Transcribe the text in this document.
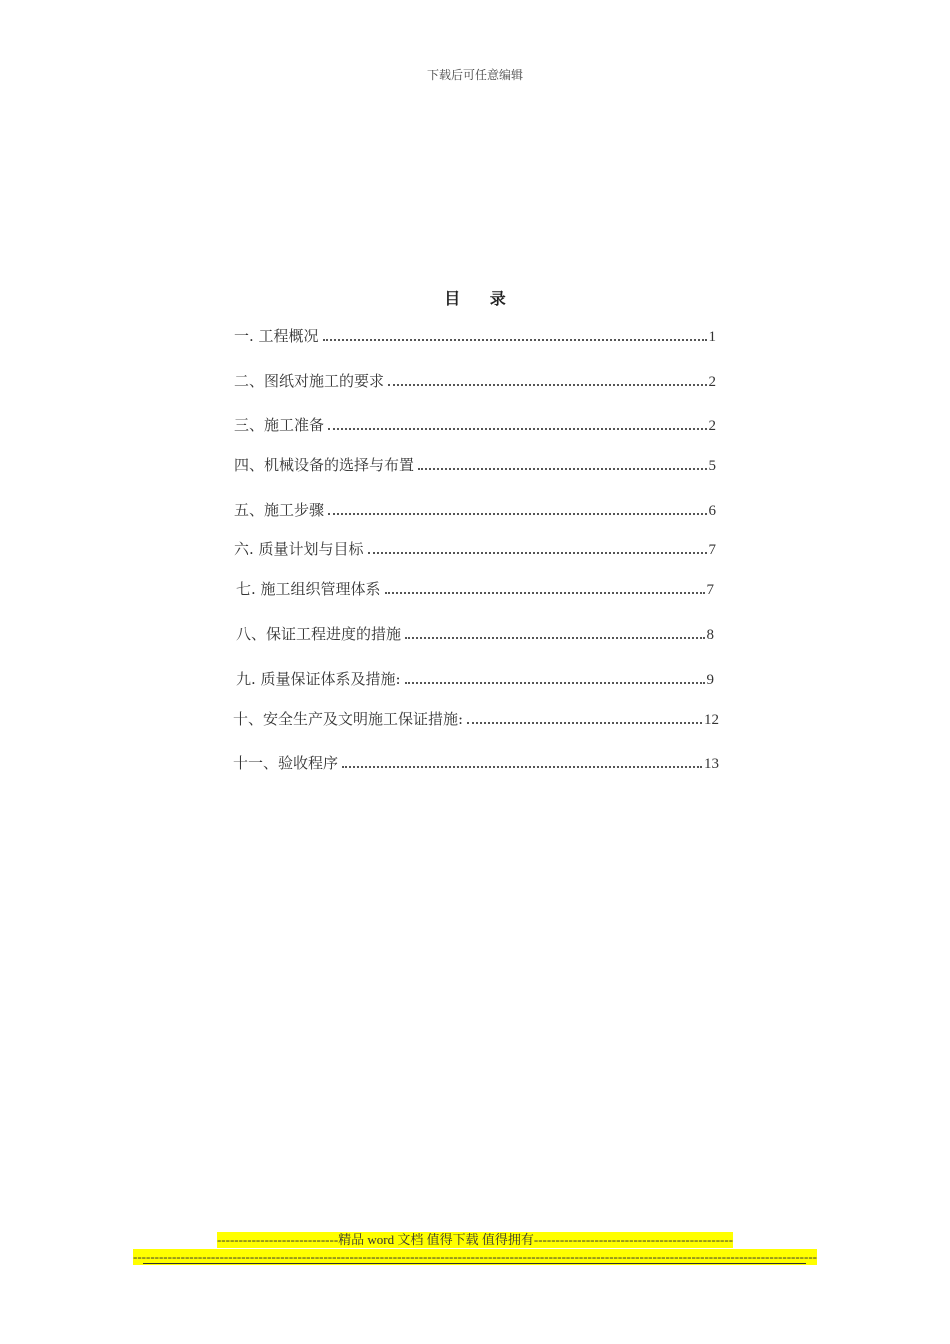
下载后可任意编辑
目 录
一. 工程概况	1
二、图纸对施工的要求	2
三、施工准备	2
四、机械设备的选择与布置	5
五、施工步骤	6
六. 质量计划与目标	7
七. 施工组织管理体系	7
八、保证工程进度的措施	8
九. 质量保证体系及措施:	9
十、安全生产及文明施工保证措施:	12
十一、验收程序	13
----------------------------精品 word 文档 值得下载 值得拥有----------------------------------------------
--------------------------------------------------------------------------------------------------------------------------------------------------------------
